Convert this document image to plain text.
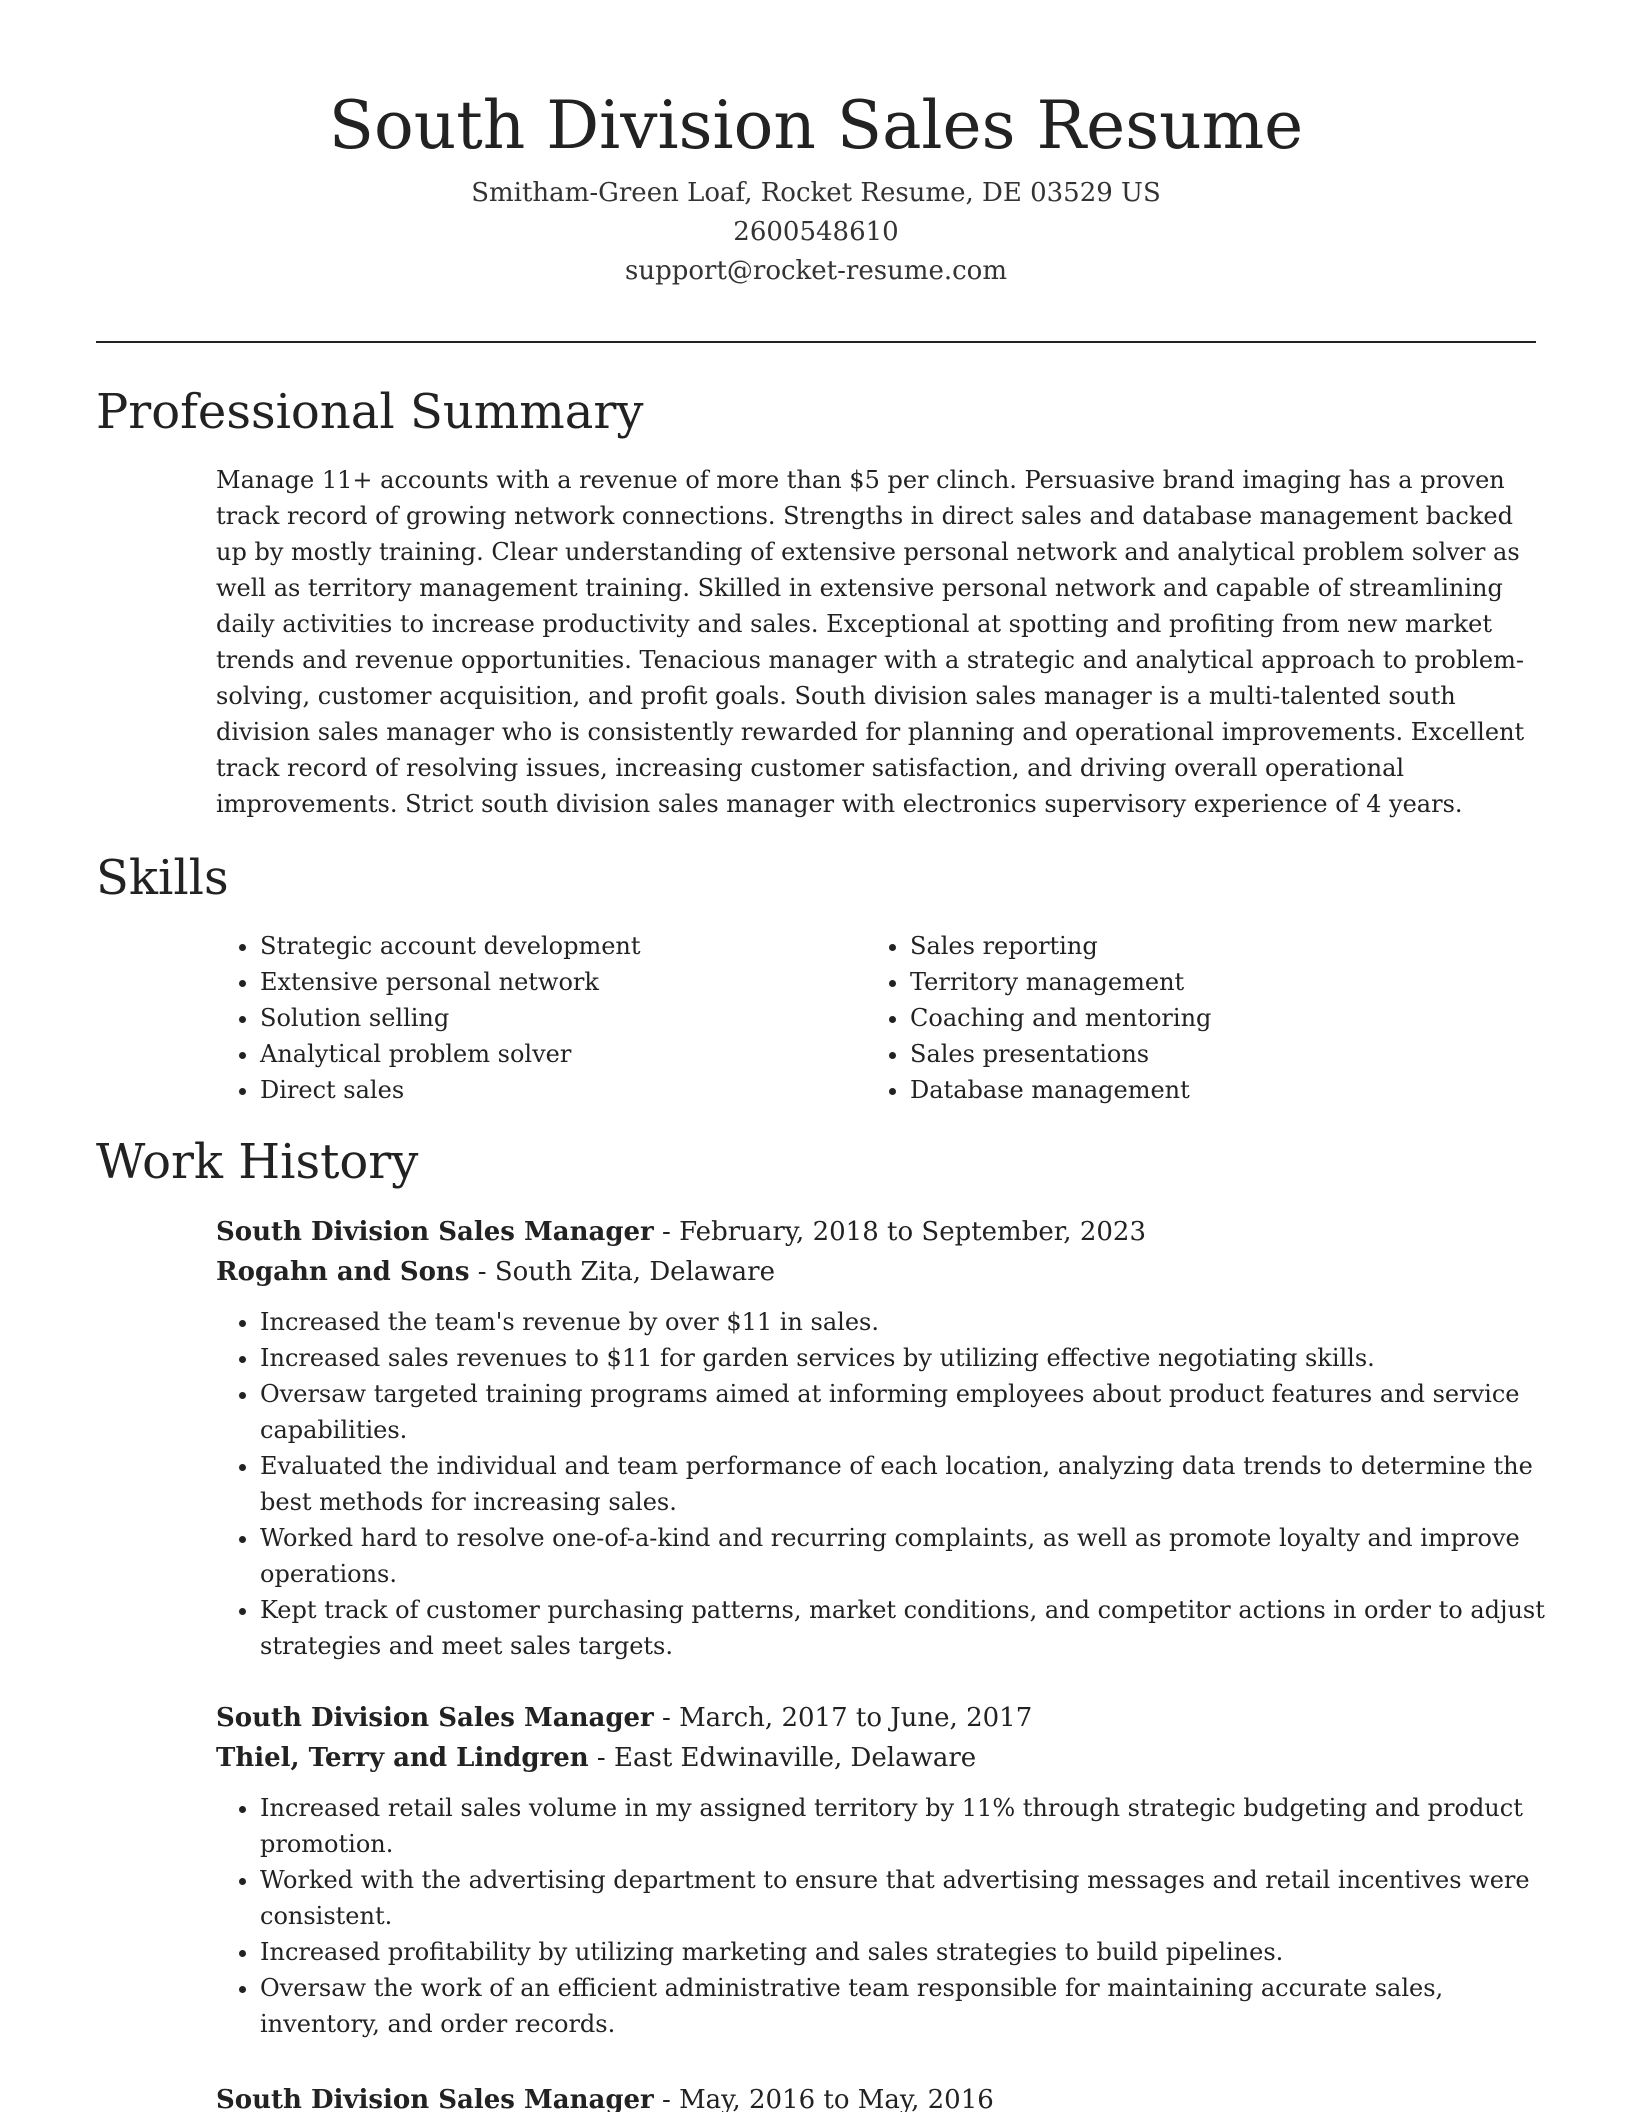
South Division Sales Resume
Smitham-Green Loaf, Rocket Resume, DE 03529 US
2600548610
support@rocket-resume.com
Professional Summary

Manage 11+ accounts with a revenue of more than $5 per clinch. Persuasive brand imaging has a proven track record of growing network connections. Strengths in direct sales and database management backed up by mostly training. Clear understanding of extensive personal network and analytical problem solver as well as territory management training. Skilled in extensive personal network and capable of streamlining daily activities to increase productivity and sales. Exceptional at spotting and profiting from new market trends and revenue opportunities. Tenacious manager with a strategic and analytical approach to problem-solving, customer acquisition, and profit goals. South division sales manager is a multi-talented south division sales manager who is consistently rewarded for planning and operational improvements. Excellent track record of resolving issues, increasing customer satisfaction, and driving overall operational improvements. Strict south division sales manager with electronics supervisory experience of 4 years.

Skills
• Strategic account development
• Extensive personal network
• Solution selling
• Analytical problem solver
• Direct sales
• Sales reporting
• Territory management
• Coaching and mentoring
• Sales presentations
• Database management
Work History
South Division Sales Manager - February, 2018 to September, 2023
Rogahn and Sons - South Zita, Delaware
• Increased the team's revenue by over $11 in sales.
• Increased sales revenues to $11 for garden services by utilizing effective negotiating skills.
• Oversaw targeted training programs aimed at informing employees about product features and service capabilities.
• Evaluated the individual and team performance of each location, analyzing data trends to determine the best methods for increasing sales.
• Worked hard to resolve one-of-a-kind and recurring complaints, as well as promote loyalty and improve operations.
• Kept track of customer purchasing patterns, market conditions, and competitor actions in order to adjust strategies and meet sales targets.
South Division Sales Manager - March, 2017 to June, 2017
Thiel, Terry and Lindgren - East Edwinaville, Delaware
• Increased retail sales volume in my assigned territory by 11% through strategic budgeting and product promotion.
• Worked with the advertising department to ensure that advertising messages and retail incentives were consistent.
• Increased profitability by utilizing marketing and sales strategies to build pipelines.
• Oversaw the work of an efficient administrative team responsible for maintaining accurate sales, inventory, and order records.
South Division Sales Manager - May, 2016 to May, 2016
